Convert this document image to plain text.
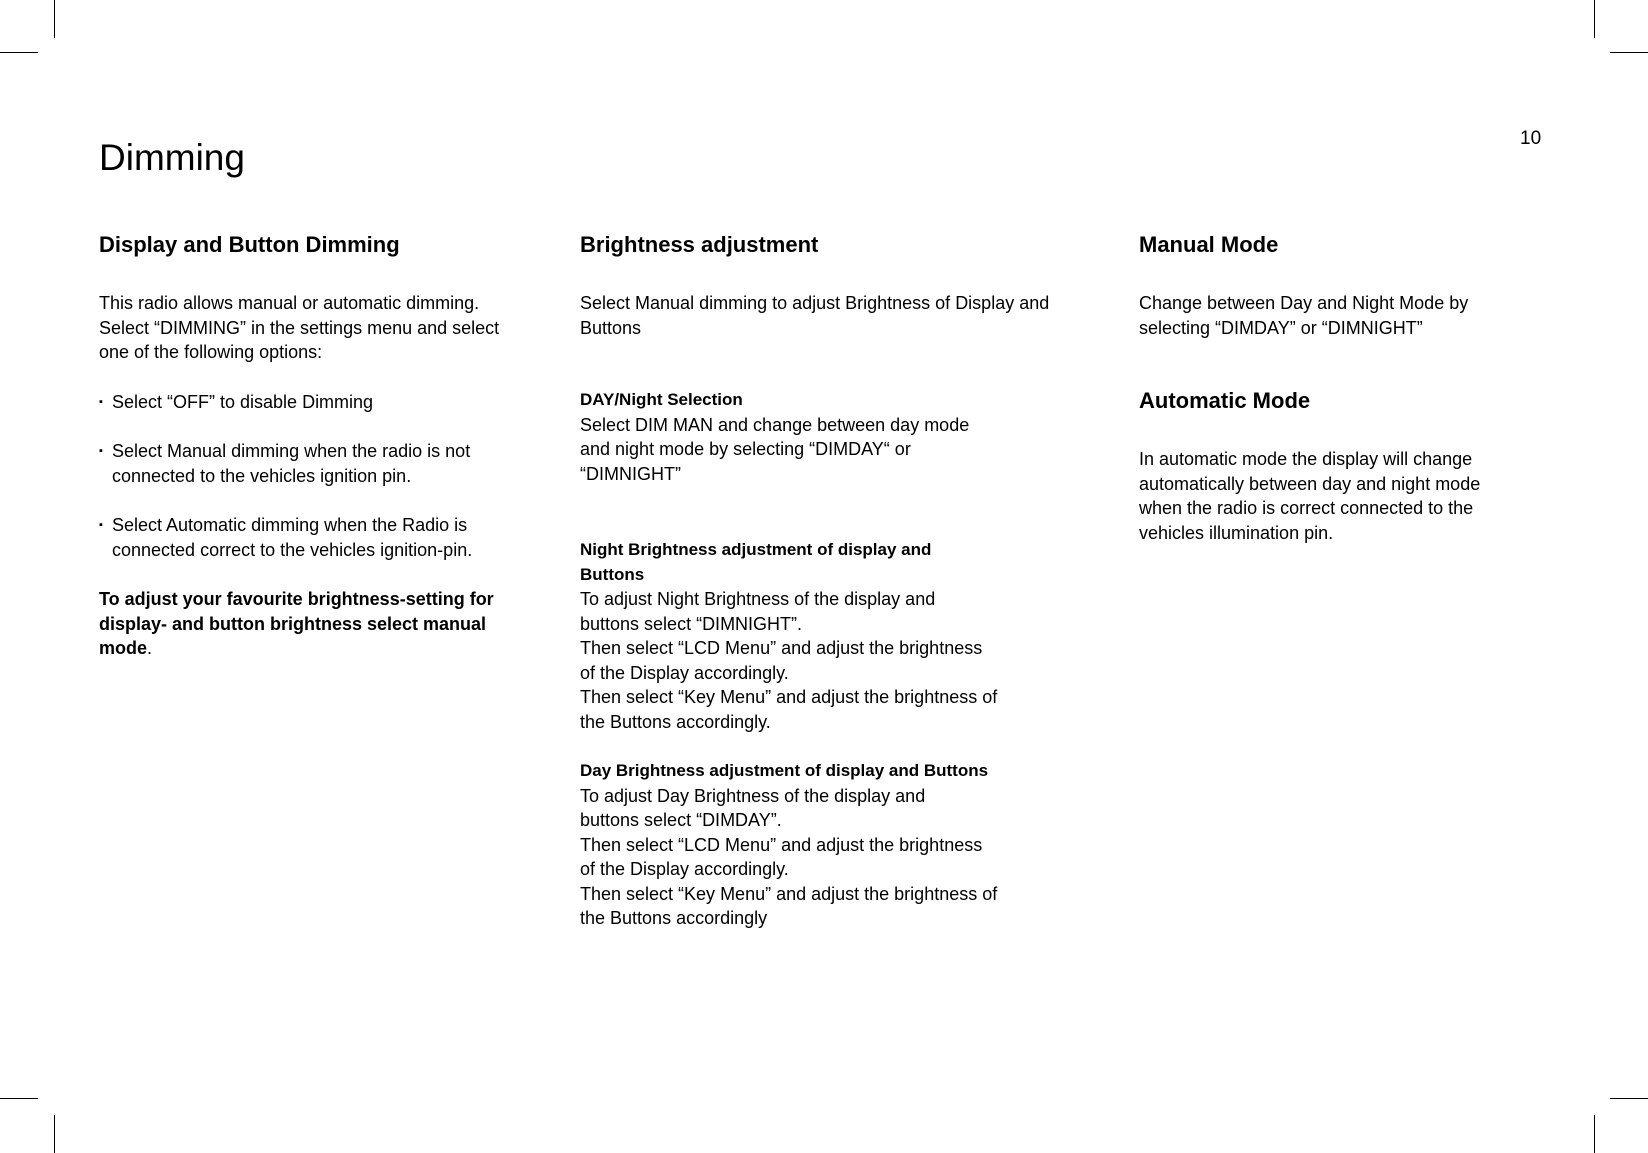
10
Dimming
Display and Button Dimming

This radio allows manual or automatic dimming. Select “DIMMING” in the settings menu and select one of the following options:

▪ Select “OFF” to disable Dimming
▪ Select Manual dimming when the radio is not connected to the vehicles ignition pin.
▪ Select Automatic dimming when the Radio is connected correct to the vehicles ignition-pin.

To adjust your favourite brightness-setting for display- and button brightness select manual mode.

Brightness adjustment

Select Manual dimming to adjust Brightness of Display and Buttons

DAY/Night Selection

Select DIM MAN and change between day mode and night mode by selecting “DIMDAY“ or “DIMNIGHT”

Night Brightness adjustment of display and Buttons

To adjust Night Brightness of the display and buttons select “DIMNIGHT”.

Then select “LCD Menu” and adjust the brightness of the Display accordingly.

Then select “Key Menu” and adjust the brightness of the Buttons accordingly.

Day Brightness adjustment of display and Buttons

To adjust Day Brightness of the display and buttons select “DIMDAY”.

Then select “LCD Menu” and adjust the brightness of the Display accordingly.

Then select “Key Menu” and adjust the brightness of the Buttons accordingly

Manual Mode

Change between Day and Night Mode by selecting “DIMDAY” or “DIMNIGHT”

Automatic Mode

In automatic mode the display will change automatically between day and night mode when the radio is correct connected to the vehicles illumination pin.
